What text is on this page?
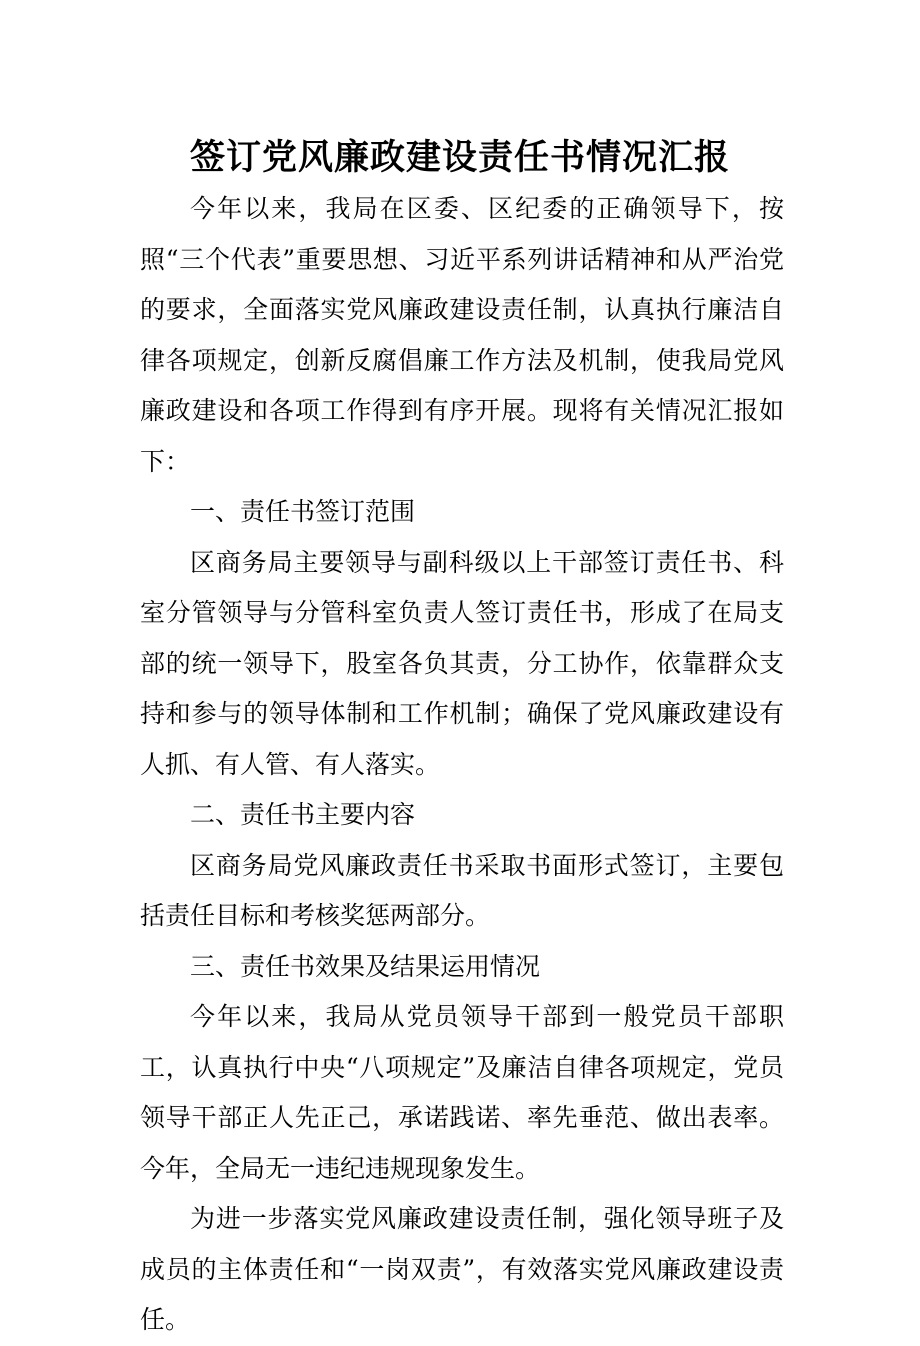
签订党风廉政建设责任书情况汇报

今年以来，我局在区委、区纪委的正确领导下，按照“三个代表”重要思想、习近平系列讲话精神和从严治党的要求，全面落实党风廉政建设责任制，认真执行廉洁自律各项规定，创新反腐倡廉工作方法及机制，使我局党风廉政建设和各项工作得到有序开展。现将有关情况汇报如下：

一、责任书签订范围

区商务局主要领导与副科级以上干部签订责任书、科室分管领导与分管科室负责人签订责任书，形成了在局支部的统一领导下，股室各负其责，分工协作，依靠群众支持和参与的领导体制和工作机制；确保了党风廉政建设有人抓、有人管、有人落实。

二、责任书主要内容

区商务局党风廉政责任书采取书面形式签订，主要包括责任目标和考核奖惩两部分。

三、责任书效果及结果运用情况

今年以来，我局从党员领导干部到一般党员干部职工，认真执行中央“八项规定”及廉洁自律各项规定，党员领导干部正人先正己，承诺践诺、率先垂范、做出表率。今年，全局无一违纪违规现象发生。

为进一步落实党风廉政建设责任制，强化领导班子及成员的主体责任和“一岗双责”，有效落实党风廉政建设责任。
